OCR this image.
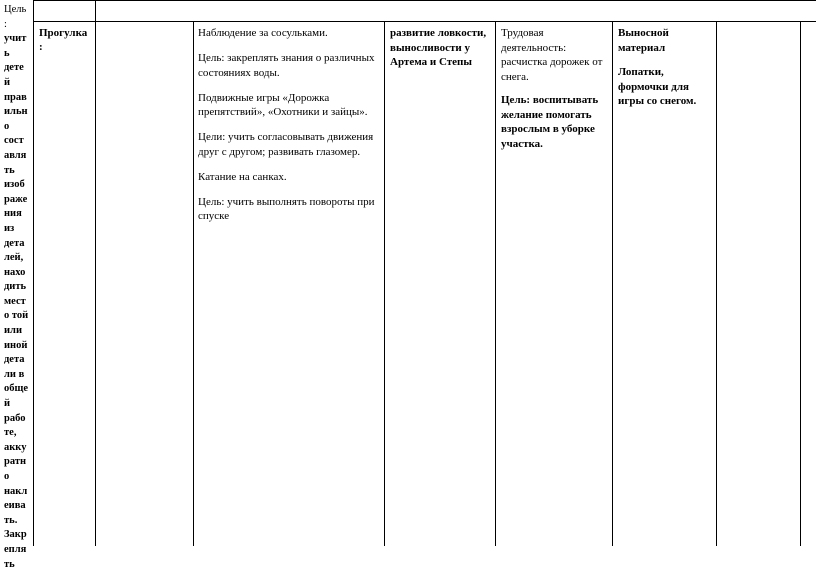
Цель
:
учит
ь
дете
й
прав
ильн
о
сост
авля
ть
изоб
раже
ния
из
дета
лей,
нахо
дить
мест
о той
или
иной
дета
ли в
обще
й
рабо
те,
акку
ратн
о
накл
еива
ть.
Закр
епля
ть
Прогулка
:
Наблюдение за сосульками.
Цель: закреплять знания о различных состояниях воды.
Подвижные игры «Дорожка препятствий», «Охотники и зайцы».
Цели: учить согласовывать движения друг с другом; развивать глазомер.
Катание на санках.
Цель: учить выполнять повороты при спуске
развитие ловкости, выносливости у Артема и Степы
Трудовая деятельность: расчистка дорожек от снега.
Цель: воспитывать желание помогать взрослым в уборке участка.
Выносной материал
Лопатки, формочки для игры со снегом.
